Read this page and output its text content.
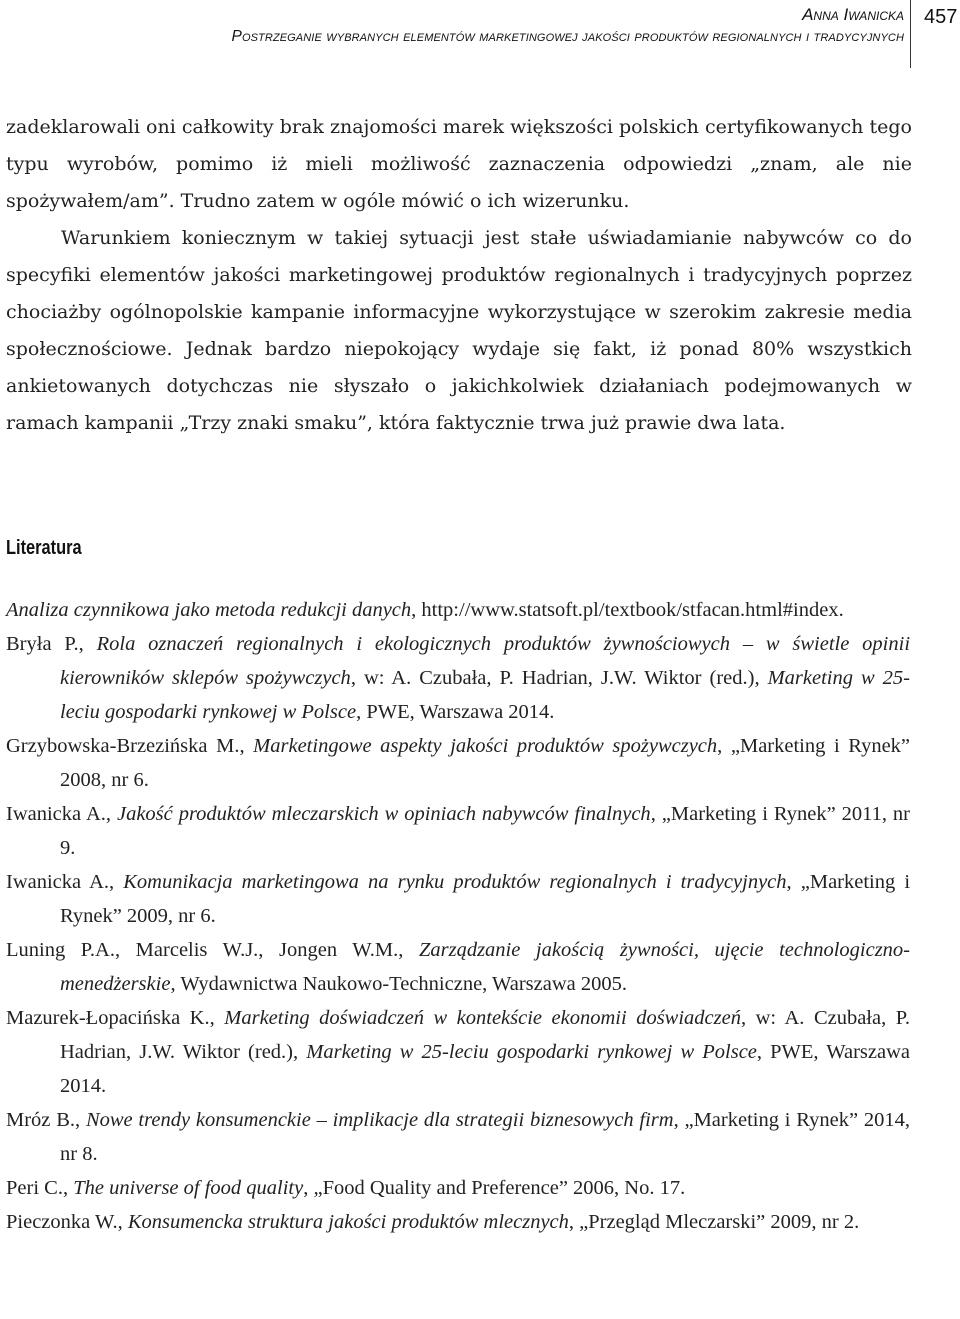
Anna Iwanicka
Postrzeganie wybranych elementów marketingowej jakości produktów regionalnych i tradycyjnych
457

zadeklarowali oni całkowity brak znajomości marek większości polskich certyfikowanych tego typu wyrobów, pomimo iż mieli możliwość zaznaczenia odpowiedzi „znam, ale nie spożywałem/am”. Trudno zatem w ogóle mówić o ich wizerunku.

Warunkiem koniecznym w takiej sytuacji jest stałe uświadamianie nabywców co do specyfiki elementów jakości marketingowej produktów regionalnych i tradycyjnych poprzez chociażby ogólnopolskie kampanie informacyjne wykorzystujące w szerokim zakresie media społecznościowe. Jednak bardzo niepokojący wydaje się fakt, iż ponad 80% wszystkich ankietowanych dotychczas nie słyszało o jakichkolwiek działaniach podejmowanych w ramach kampanii „Trzy znaki smaku”, która faktycznie trwa już prawie dwa lata.

Literatura
Analiza czynnikowa jako metoda redukcji danych, http://www.statsoft.pl/textbook/stfacan.html#index.
Bryła P., Rola oznaczeń regionalnych i ekologicznych produktów żywnościowych – w świetle opinii kierowników sklepów spożywczych, w: A. Czubała, P. Hadrian, J.W. Wiktor (red.), Marketing w 25-leciu gospodarki rynkowej w Polsce, PWE, Warszawa 2014.
Grzybowska-Brzezińska M., Marketingowe aspekty jakości produktów spożywczych, „Marketing i Rynek” 2008, nr 6.
Iwanicka A., Jakość produktów mleczarskich w opiniach nabywców finalnych, „Marketing i Rynek” 2011, nr 9.
Iwanicka A., Komunikacja marketingowa na rynku produktów regionalnych i tradycyjnych, „Marketing i Rynek” 2009, nr 6.
Luning P.A., Marcelis W.J., Jongen W.M., Zarządzanie jakością żywności, ujęcie technologiczno-menedżerskie, Wydawnictwa Naukowo-Techniczne, Warszawa 2005.
Mazurek-Łopacińska K., Marketing doświadczeń w kontekście ekonomii doświadczeń, w: A. Czubała, P. Hadrian, J.W. Wiktor (red.), Marketing w 25-leciu gospodarki rynkowej w Polsce, PWE, Warszawa 2014.
Mróz B., Nowe trendy konsumenckie – implikacje dla strategii biznesowych firm, „Marketing i Rynek” 2014, nr 8.
Peri C., The universe of food quality, „Food Quality and Preference” 2006, No. 17.
Pieczonka W., Konsumencka struktura jakości produktów mlecznych, „Przegląd Mleczarski” 2009, nr 2.
